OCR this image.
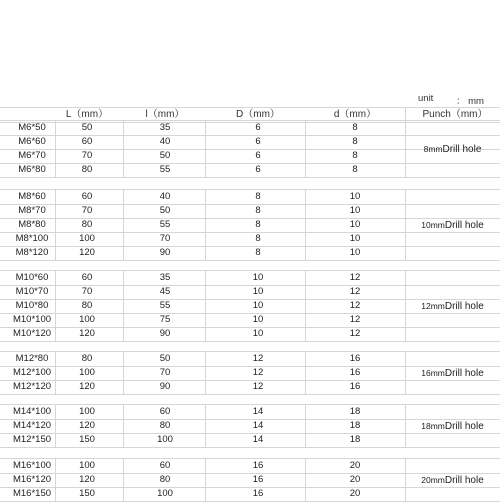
unit ： mm
L（mm）	l（mm）	D（mm）	d（mm）	Punch（mm）
M6*50	50	35	6	8
M6*60	60	40	6	8
M6*70	70	50	6	8
M6*80	80	55	6	8
8mmDrill hole
M8*60	60	40	8	10
M8*70	70	50	8	10
M8*80	80	55	8	10
M8*100	100	70	8	10
M8*120	120	90	8	10
10mmDrill hole
M10*60	60	35	10	12
M10*70	70	45	10	12
M10*80	80	55	10	12
M10*100	100	75	10	12
M10*120	120	90	10	12
12mmDrill hole
M12*80	80	50	12	16
M12*100	100	70	12	16
M12*120	120	90	12	16
16mmDrill hole
M14*100	100	60	14	18
M14*120	120	80	14	18
M12*150	150	100	14	18
18mmDrill hole
M16*100	100	60	16	20
M16*120	120	80	16	20
M16*150	150	100	16	20
20mmDrill hole
